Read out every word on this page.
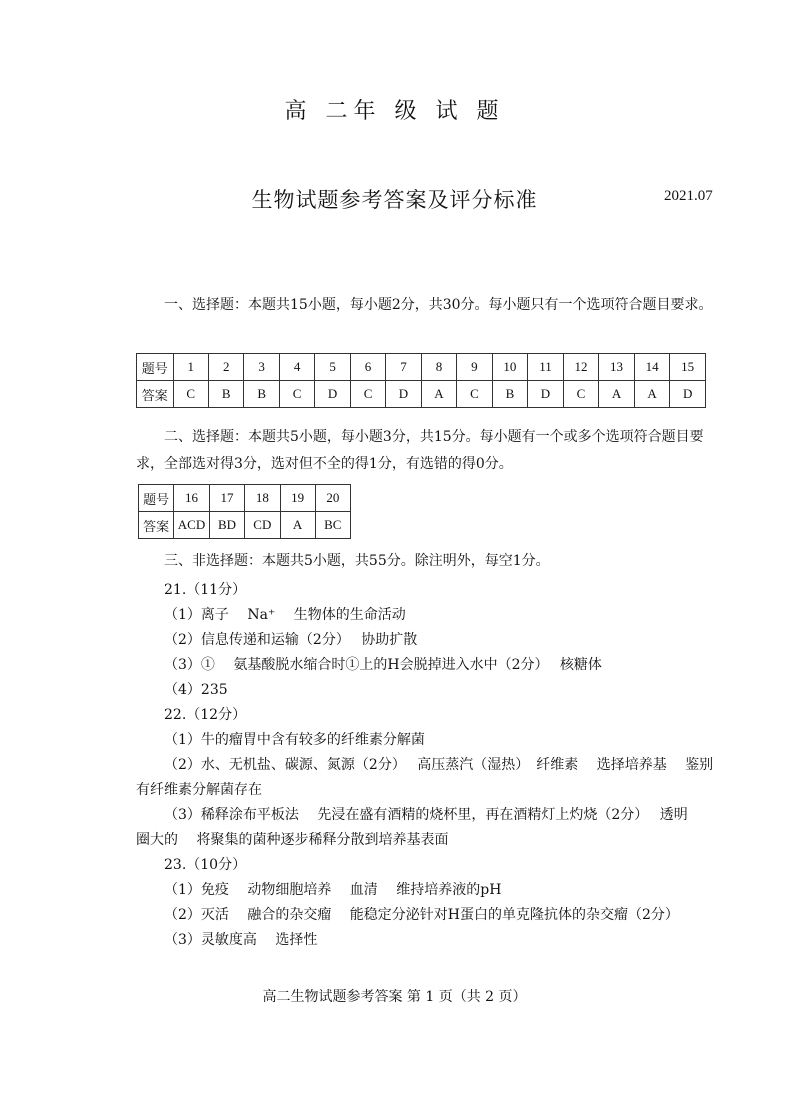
高 二年 级 试 题
生物试题参考答案及评分标准	2021.07
一、选择题：本题共15小题，每小题2分，共30分。每小题只有一个选项符合题目要求。
题号	1	2	3	4	5	6	7	8	9	10	11	12	13	14	15
答案	C	B	B	C	D	C	D	A	C	B	D	C	A	A	D
二、选择题：本题共5小题，每小题3分，共15分。每小题有一个或多个选项符合题目要求，全部选对得3分，选对但不全的得1分，有选错的得0分。
题号	16	17	18	19	20
答案	ACD	BD	CD	A	BC
三、非选择题：本题共5小题，共55分。除注明外，每空1分。
21.（11分）
（1）离子　 Na⁺　 生物体的生命活动
（2）信息传递和运输（2分）　 协助扩散
（3）①　 氨基酸脱水缩合时①上的H会脱掉进入水中（2分）　 核糖体
（4）235
22.（12分）
（1）牛的瘤胃中含有较多的纤维素分解菌
（2）水、无机盐、碳源、氮源（2分）　 高压蒸汽（湿热）　纤维素　 选择培养基　 鉴别
有纤维素分解菌存在
（3）稀释涂布平板法　 先浸在盛有酒精的烧杯里，再在酒精灯上灼烧（2分）　 透明
圈大的　 将聚集的菌种逐步稀释分散到培养基表面
23.（10分）
（1）免疫　 动物细胞培养　 血清　 维持培养液的pH
（2）灭活　 融合的杂交瘤　 能稳定分泌针对H蛋白的单克隆抗体的杂交瘤（2分）
（3）灵敏度高　 选择性
高二生物试题参考答案 第 1 页（共 2 页）
